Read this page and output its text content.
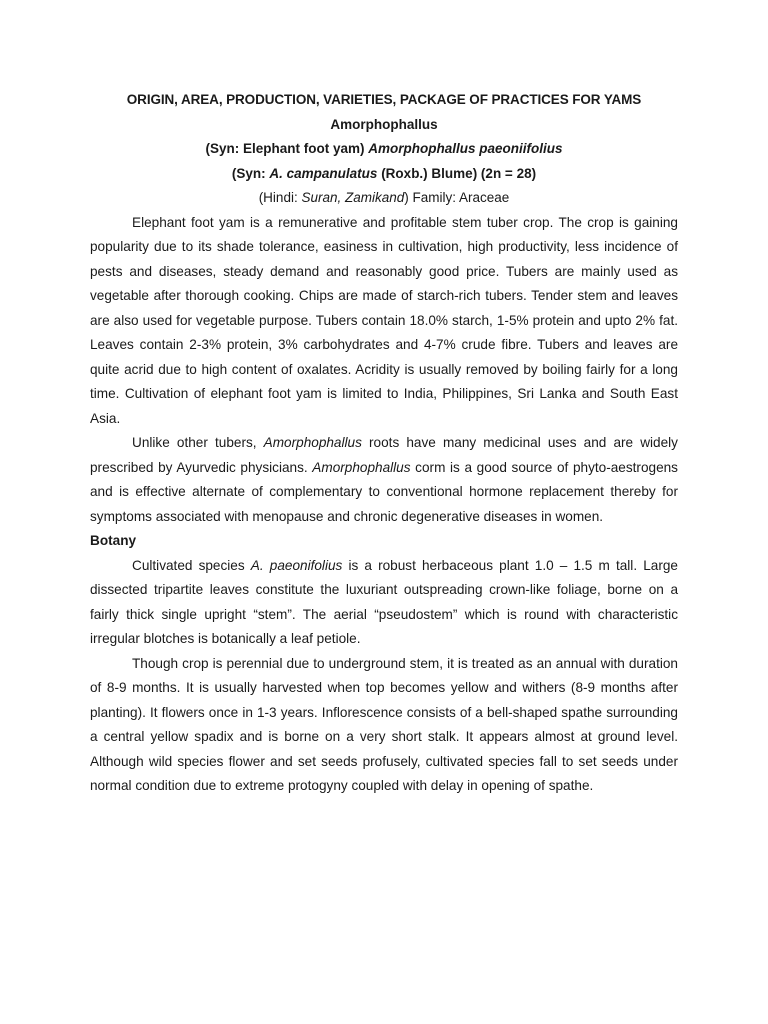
ORIGIN, AREA, PRODUCTION, VARIETIES, PACKAGE OF PRACTICES FOR YAMS
Amorphophallus
(Syn: Elephant foot yam) Amorphophallus paeoniifolius
(Syn: A. campanulatus (Roxb.) Blume) (2n = 28)
(Hindi: Suran, Zamikand) Family: Araceae

Elephant foot yam is a remunerative and profitable stem tuber crop. The crop is gaining popularity due to its shade tolerance, easiness in cultivation, high productivity, less incidence of pests and diseases, steady demand and reasonably good price. Tubers are mainly used as vegetable after thorough cooking. Chips are made of starch-rich tubers. Tender stem and leaves are also used for vegetable purpose. Tubers contain 18.0% starch, 1-5% protein and upto 2% fat. Leaves contain 2-3% protein, 3% carbohydrates and 4-7% crude fibre. Tubers and leaves are quite acrid due to high content of oxalates. Acridity is usually removed by boiling fairly for a long time. Cultivation of elephant foot yam is limited to India, Philippines, Sri Lanka and South East Asia.

Unlike other tubers, Amorphophallus roots have many medicinal uses and are widely prescribed by Ayurvedic physicians. Amorphophallus corm is a good source of phyto-aestrogens and is effective alternate of complementary to conventional hormone replacement thereby for symptoms associated with menopause and chronic degenerative diseases in women.

Botany

Cultivated species A. paeonifolius is a robust herbaceous plant 1.0 – 1.5 m tall. Large dissected tripartite leaves constitute the luxuriant outspreading crown-like foliage, borne on a fairly thick single upright “stem”. The aerial “pseudostem” which is round with characteristic irregular blotches is botanically a leaf petiole.

Though crop is perennial due to underground stem, it is treated as an annual with duration of 8-9 months. It is usually harvested when top becomes yellow and withers (8-9 months after planting). It flowers once in 1-3 years. Inflorescence consists of a bell-shaped spathe surrounding a central yellow spadix and is borne on a very short stalk. It appears almost at ground level. Although wild species flower and set seeds profusely, cultivated species fall to set seeds under normal condition due to extreme protogyny coupled with delay in opening of spathe.
